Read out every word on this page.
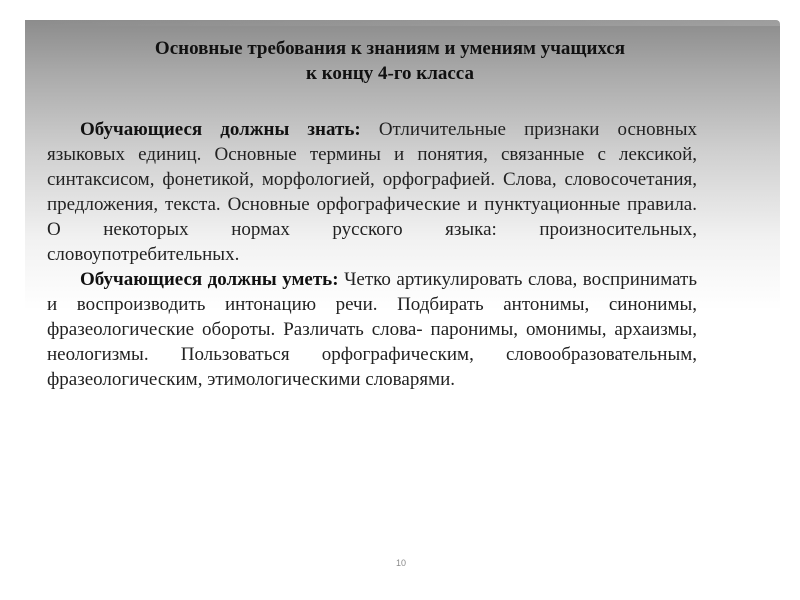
Основные требования к знаниям и умениям учащихся
к концу 4-го класса

Обучающиеся должны знать: Отличительные признаки основных языковых единиц. Основные термины и понятия, связанные с лексикой, синтаксисом, фонетикой, морфологией, орфографией. Слова, словосочетания, предложения, текста. Основные орфографические и пунктуационные правила. О некоторых нормах русского языка: произносительных, словоупотребительных.

Обучающиеся должны уметь: Четко артикулировать слова, воспринимать и воспроизводить интонацию речи. Подбирать антонимы, синонимы, фразеологические обороты. Различать слова- паронимы, омонимы, архаизмы, неологизмы. Пользоваться орфографическим, словообразовательным, фразеологическим, этимологическими словарями.

10
